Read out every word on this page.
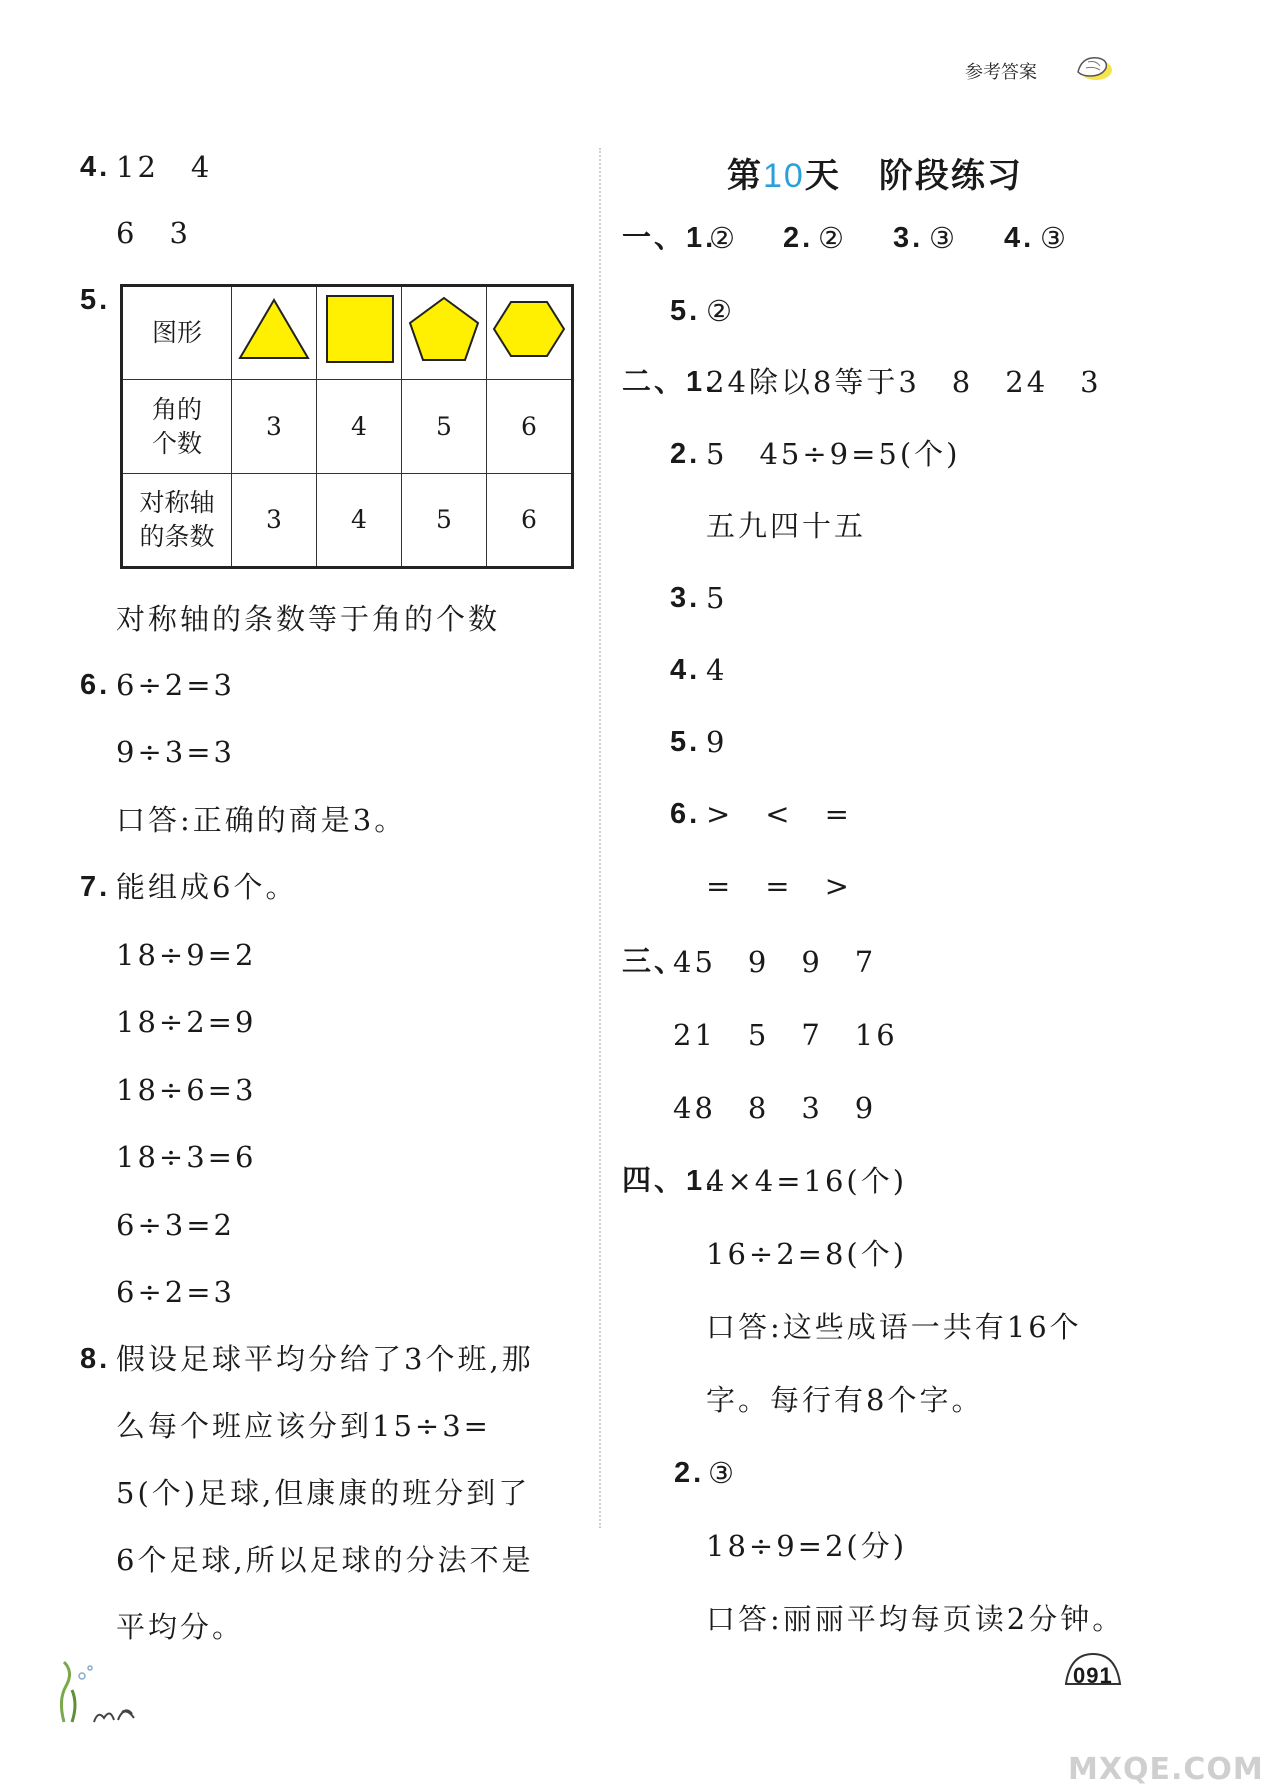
参考答案
4. 12　4
6　3
5.
图形				

角的
个数	3	4	5	6

对称轴
的条数	3	4	5	6
对称轴的条数等于角的个数
6. 6÷2=3
9÷3=3
口答:正确的商是3。
7. 能组成6个。
18÷9=2
18÷2=9
18÷6=3
18÷3=6
6÷3=2
6÷2=3
8. 假设足球平均分给了3个班,那
么每个班应该分到15÷3=
5(个)足球,但康康的班分到了
6个足球,所以足球的分法不是
平均分。
第10天 阶段练习
一、1.
② 2. ② 3. ③ 4. ③
5. ②
二、1.
24除以8等于3　8　24　3
2. 5　45÷9=5(个)
五九四十五
3. 5
4. 4
5. 9
6. >　<　=
=　=　>
三、
45　9　9　7
21　5　7　16
48　8　3　9
四、1.
4×4=16(个)
16÷2=8(个)
口答:这些成语一共有16个
字。每行有8个字。
2. ③
18÷9=2(分)
口答:丽丽平均每页读2分钟。
091
MXQE.COM
